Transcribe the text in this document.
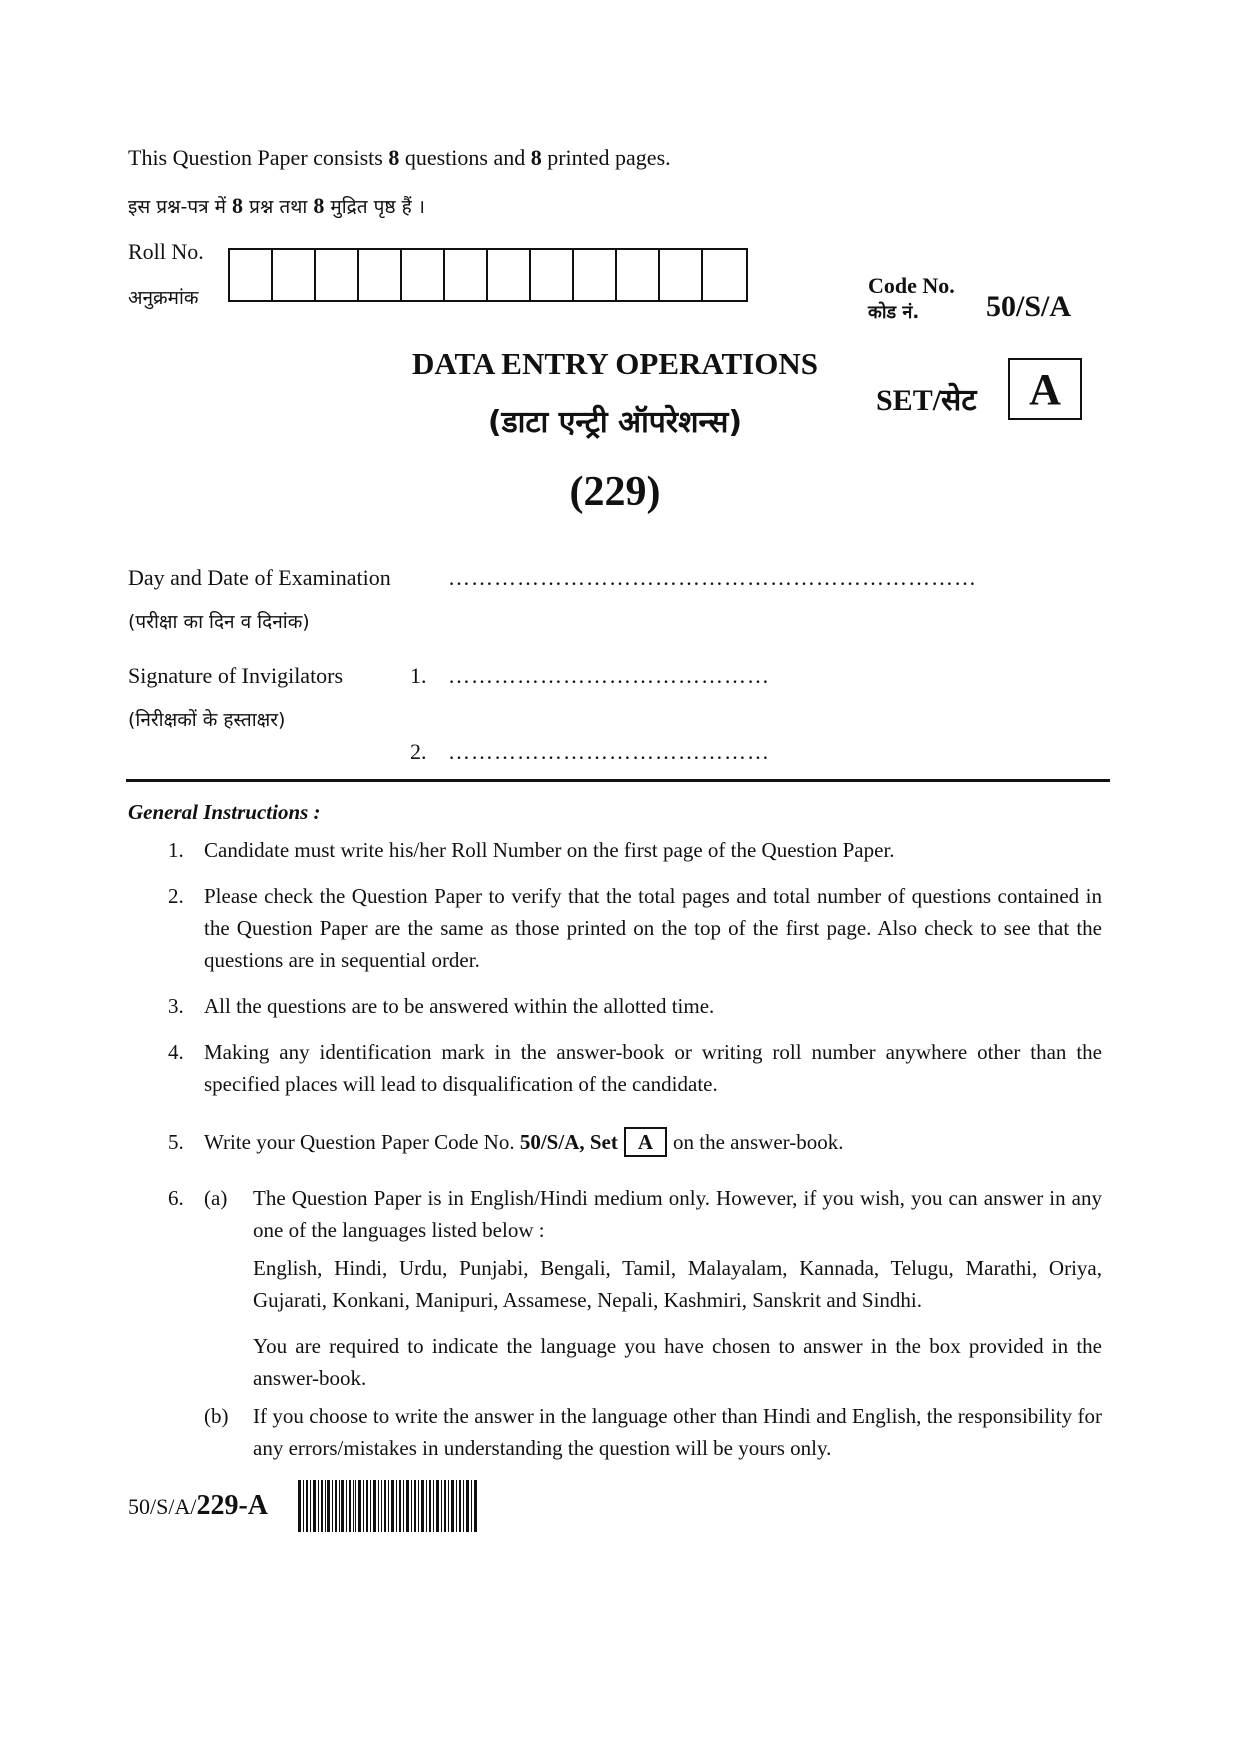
This Question Paper consists 8 questions and 8 printed pages.
इस प्रश्न-पत्र में 8 प्रश्न तथा 8 मुद्रित पृष्ठ हैं ।
Roll No.
अनुक्रमांक	Code No.
कोड नं. 50/S/A
DATA ENTRY OPERATIONS
(डाटा एन्ट्री ऑपरेशन्स)
(229)
SET/सेट	A
Day and Date of Examination
(परीक्षा का दिन व दिनांक)
……………………………………………………………
Signature of Invigilators
(निरीक्षकों के हस्ताक्षर)
1. ……………………………………
2. ……………………………………
General Instructions :
1. Candidate must write his/her Roll Number on the first page of the Question Paper.
2. Please check the Question Paper to verify that the total pages and total number of questions contained in the Question Paper are the same as those printed on the top of the first page. Also check to see that the questions are in sequential order.
3. All the questions are to be answered within the allotted time.
4. Making any identification mark in the answer-book or writing roll number anywhere other than the specified places will lead to disqualification of the candidate.
5. Write your Question Paper Code No. 50/S/A, Set A on the answer-book.
6. (a) The Question Paper is in English/Hindi medium only. However, if you wish, you can answer in any one of the languages listed below :
English, Hindi, Urdu, Punjabi, Bengali, Tamil, Malayalam, Kannada, Telugu, Marathi, Oriya, Gujarati, Konkani, Manipuri, Assamese, Nepali, Kashmiri, Sanskrit and Sindhi.
You are required to indicate the language you have chosen to answer in the box provided in the answer-book.
(b) If you choose to write the answer in the language other than Hindi and English, the responsibility for any errors/mistakes in understanding the question will be yours only.
50/S/A/229-A
